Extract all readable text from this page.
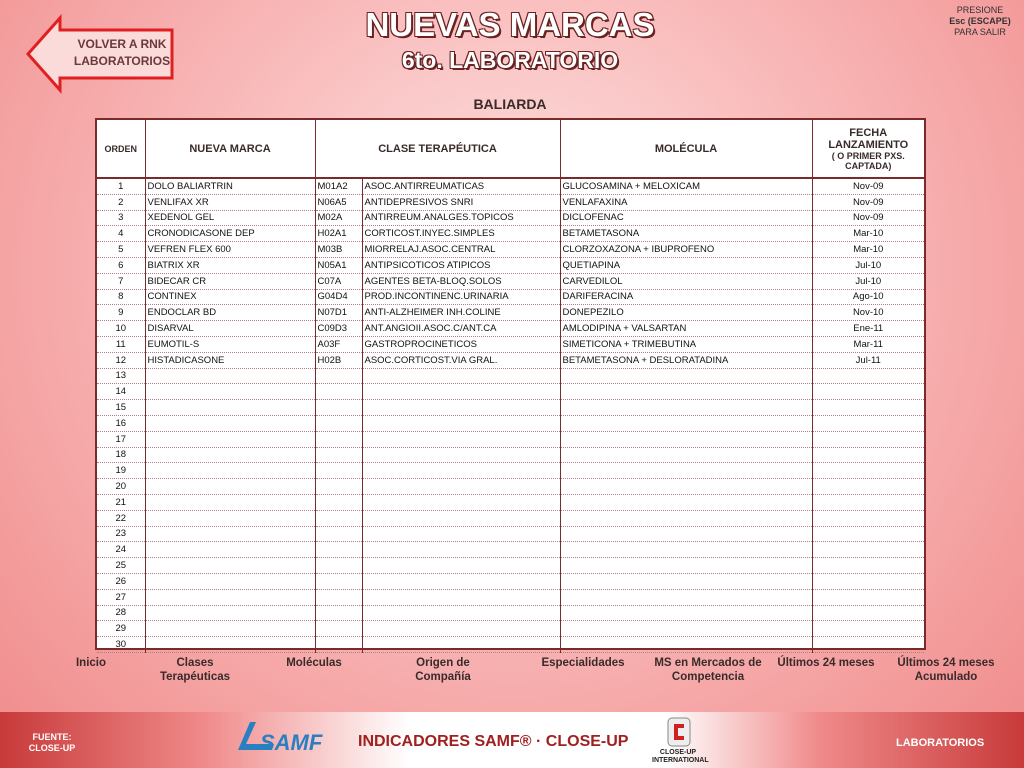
VOLVER A RNK LABORATORIOS
NUEVAS MARCAS
6to. LABORATORIO
PRESIONE
Esc (ESCAPE)
PARA SALIR
BALIARDA
ORDEN	NUEVA MARCA	CLASE TERAPÉUTICA		MOLÉCULA	FECHA LANZAMIENTO
( O PRIMER PXS. CAPTADA)

1	DOLO BALIARTRIN	M01A2	ASOC.ANTIRREUMATICAS	GLUCOSAMINA + MELOXICAM	Nov-09
2	VENLIFAX XR	N06A5	ANTIDEPRESIVOS SNRI	VENLAFAXINA	Nov-09
3	XEDENOL GEL	M02A	ANTIRREUM.ANALGES.TOPICOS	DICLOFENAC	Nov-09
4	CRONODICASONE DEP	H02A1	CORTICOST.INYEC.SIMPLES	BETAMETASONA	Mar-10
5	VEFREN FLEX 600	M03B	MIORRELAJ.ASOC.CENTRAL	CLORZOXAZONA + IBUPROFENO	Mar-10
6	BIATRIX XR	N05A1	ANTIPSICOTICOS ATIPICOS	QUETIAPINA	Jul-10
7	BIDECAR CR	C07A	AGENTES BETA-BLOQ.SOLOS	CARVEDILOL	Jul-10
8	CONTINEX	G04D4	PROD.INCONTINENC.URINARIA	DARIFERACINA	Ago-10
9	ENDOCLAR BD	N07D1	ANTI-ALZHEIMER INH.COLINE	DONEPEZILO	Nov-10
10	DISARVAL	C09D3	ANT.ANGIOII.ASOC.C/ANT.CA	AMLODIPINA + VALSARTAN	Ene-11
11	EUMOTIL-S	A03F	GASTROPROCINETICOS	SIMETICONA + TRIMEBUTINA	Mar-11
12	HISTADICASONE	H02B	ASOC.CORTICOST.VIA GRAL.	BETAMETASONA + DESLORATADINA	Jul-11
13					
14					
15					
16					
17					
18					
19					
20					
21					
22					
23					
24					
25					
26					
27					
28					
29					
30					
Inicio	Clases Terapéuticas
Moléculas	Origen de Compañía
Especialidades	MS en Mercados de Competencia
Últimos 24 meses	Últimos 24 meses Acumulado
FUENTE: CLOSE-UP	SAMF INDICADORES SAMF® · CLOSE-UP
CLOSE-UP INTERNATIONAL
LABORATORIOS
